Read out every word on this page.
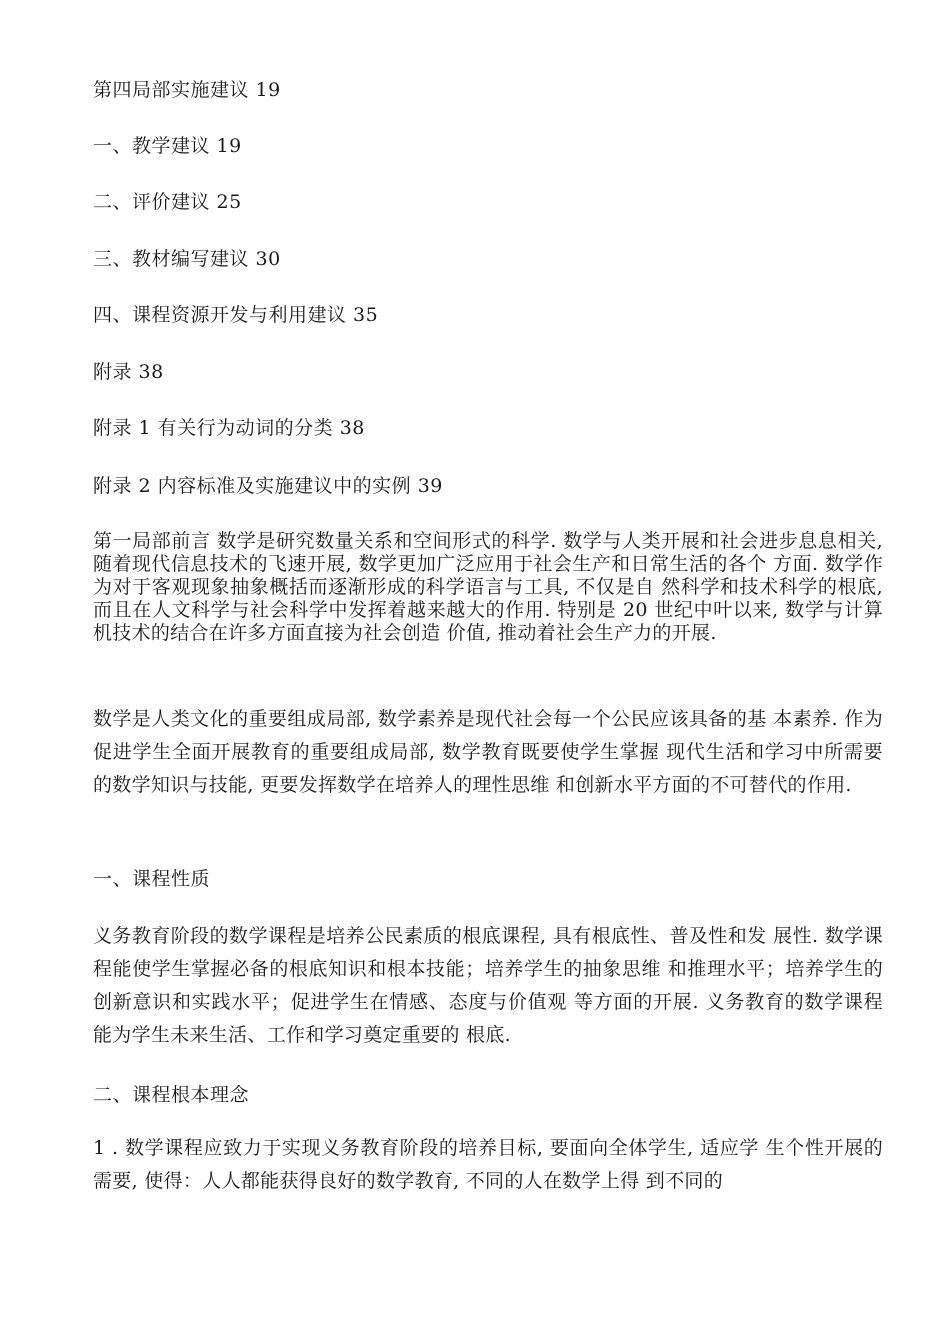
第四局部实施建议 19
一、教学建议 19
二、评价建议 25
三、教材编写建议 30
四、课程资源开发与利用建议 35
附录 38
附录 1 有关行为动词的分类 38
附录 2 内容标准及实施建议中的实例 39
第一局部前言 数学是研究数量关系和空间形式的科学. 数学与人类开展和社会进步息息相关, 随着现代信息技术的飞速开展, 数学更加广泛应用于社会生产和日常生活的各个 方面. 数学作为对于客观现象抽象概括而逐渐形成的科学语言与工具, 不仅是自 然科学和技术科学的根底, 而且在人文科学与社会科学中发挥着越来越大的作用. 特别是 20 世纪中叶以来, 数学与计算机技术的结合在许多方面直接为社会创造 价值, 推动着社会生产力的开展.
数学是人类文化的重要组成局部, 数学素养是现代社会每一个公民应该具备的基 本素养. 作为促进学生全面开展教育的重要组成局部, 数学教育既要使学生掌握 现代生活和学习中所需要的数学知识与技能, 更要发挥数学在培养人的理性思维 和创新水平方面的不可替代的作用.
一、课程性质
义务教育阶段的数学课程是培养公民素质的根底课程, 具有根底性、普及性和发 展性. 数学课程能使学生掌握必备的根底知识和根本技能；培养学生的抽象思维 和推理水平；培养学生的创新意识和实践水平；促进学生在情感、态度与价值观 等方面的开展. 义务教育的数学课程能为学生未来生活、工作和学习奠定重要的 根底.
二、课程根本理念
1 . 数学课程应致力于实现义务教育阶段的培养目标, 要面向全体学生, 适应学 生个性开展的需要, 使得：人人都能获得良好的数学教育, 不同的人在数学上得 到不同的
